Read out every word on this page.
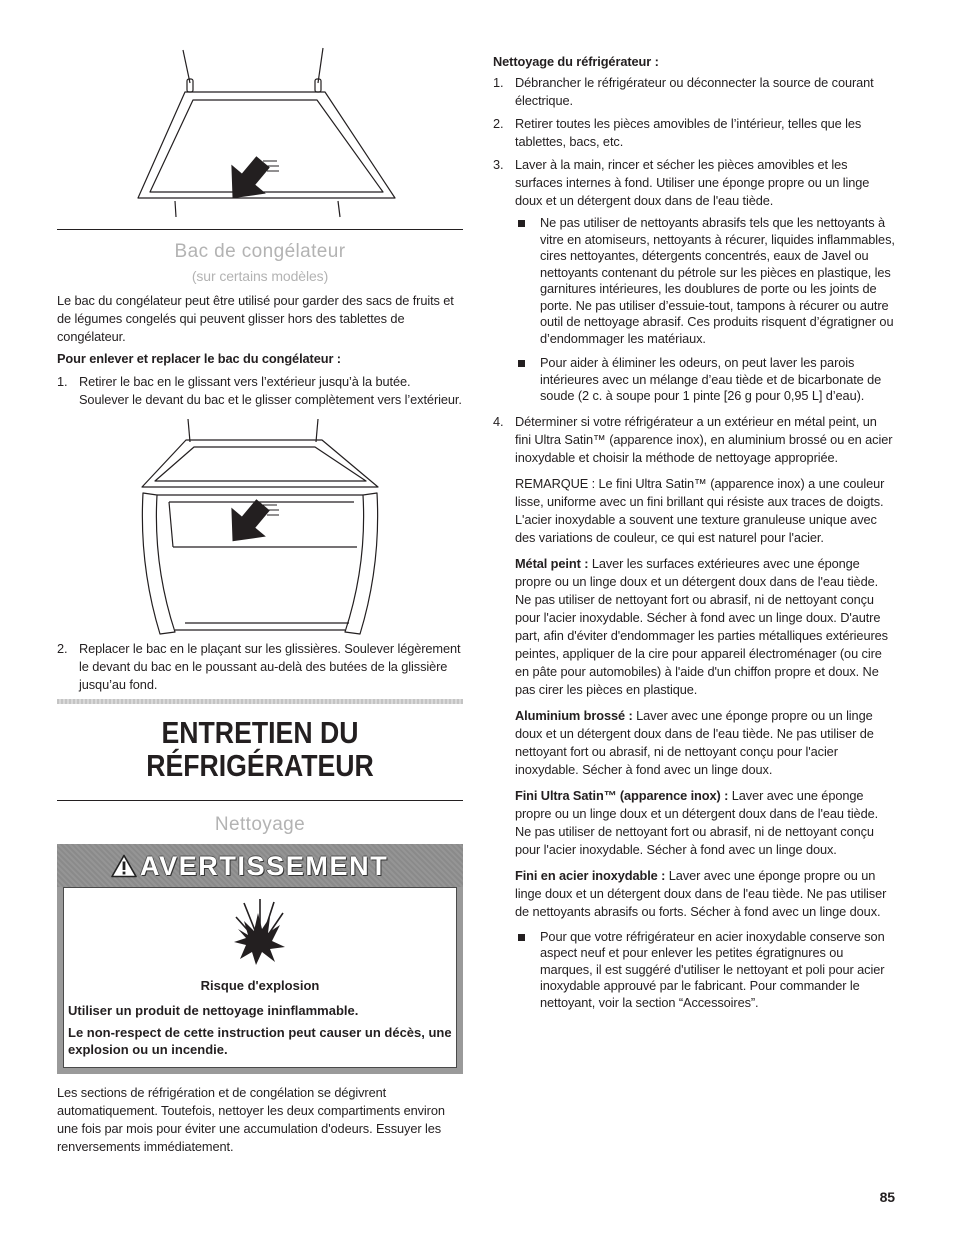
Bac de congélateur
(sur certains modèles)
Le bac du congélateur peut être utilisé pour garder des sacs de fruits et de légumes congelés qui peuvent glisser hors des tablettes de congélateur.
Pour enlever et replacer le bac du congélateur :
1. Retirer le bac en le glissant vers l’extérieur jusqu’à la butée. Soulever le devant du bac et le glisser complètement vers l’extérieur.
2. Replacer le bac en le plaçant sur les glissières. Soulever légèrement le devant du bac en le poussant au-delà des butées de la glissière jusqu’au fond.
ENTRETIEN DU
RÉFRIGÉRATEUR
Nettoyage
AVERTISSEMENT
Risque d'explosion
Utiliser un produit de nettoyage ininflammable.
Le non-respect de cette instruction peut causer un décès, une explosion ou un incendie.
Les sections de réfrigération et de congélation se dégivrent automatiquement. Toutefois, nettoyer les deux compartiments environ une fois par mois pour éviter une accumulation d'odeurs. Essuyer les renversements immédiatement.
Nettoyage du réfrigérateur :
1. Débrancher le réfrigérateur ou déconnecter la source de courant électrique.
2. Retirer toutes les pièces amovibles de l’intérieur, telles que les tablettes, bacs, etc.
3. Laver à la main, rincer et sécher les pièces amovibles et les surfaces internes à fond. Utiliser une éponge propre ou un linge doux et un détergent doux dans de l'eau tiède.
Ne pas utiliser de nettoyants abrasifs tels que les nettoyants à vitre en atomiseurs, nettoyants à récurer, liquides inflammables, cires nettoyantes, détergents concentrés, eaux de Javel ou nettoyants contenant du pétrole sur les pièces en plastique, les garnitures intérieures, les doublures de porte ou les joints de porte. Ne pas utiliser d’essuie-tout, tampons à récurer ou autre outil de nettoyage abrasif. Ces produits risquent d’égratigner ou d’endommager les matériaux.
Pour aider à éliminer les odeurs, on peut laver les parois intérieures avec un mélange d’eau tiède et de bicarbonate de soude (2 c. à soupe pour 1 pinte [26 g pour 0,95 L] d’eau).
4. Déterminer si votre réfrigérateur a un extérieur en métal peint, un fini Ultra Satin™ (apparence inox), en aluminium brossé ou en acier inoxydable et choisir la méthode de nettoyage appropriée.
REMARQUE : Le fini Ultra Satin™ (apparence inox) a une couleur lisse, uniforme avec un fini brillant qui résiste aux traces de doigts. L'acier inoxydable a souvent une texture granuleuse unique avec des variations de couleur, ce qui est naturel pour l'acier.
Métal peint : Laver les surfaces extérieures avec une éponge propre ou un linge doux et un détergent doux dans de l'eau tiède. Ne pas utiliser de nettoyant fort ou abrasif, ni de nettoyant conçu pour l'acier inoxydable. Sécher à fond avec un linge doux. D'autre part, afin d'éviter d'endommager les parties métalliques extérieures peintes, appliquer de la cire pour appareil électroménager (ou cire en pâte pour automobiles) à l'aide d'un chiffon propre et doux. Ne pas cirer les pièces en plastique.
Aluminium brossé : Laver avec une éponge propre ou un linge doux et un détergent doux dans de l'eau tiède. Ne pas utiliser de nettoyant fort ou abrasif, ni de nettoyant conçu pour l'acier inoxydable. Sécher à fond avec un linge doux.
Fini Ultra Satin™ (apparence inox) : Laver avec une éponge propre ou un linge doux et un détergent doux dans de l'eau tiède. Ne pas utiliser de nettoyant fort ou abrasif, ni de nettoyant conçu pour l'acier inoxydable. Sécher à fond avec un linge doux.
Fini en acier inoxydable : Laver avec une éponge propre ou un linge doux et un détergent doux dans de l'eau tiède. Ne pas utiliser de nettoyants abrasifs ou forts. Sécher à fond avec un linge doux.
Pour que votre réfrigérateur en acier inoxydable conserve son aspect neuf et pour enlever les petites égratignures ou marques, il est suggéré d'utiliser le nettoyant et poli pour acier inoxydable approuvé par le fabricant. Pour commander le nettoyant, voir la section “Accessoires”.
85
